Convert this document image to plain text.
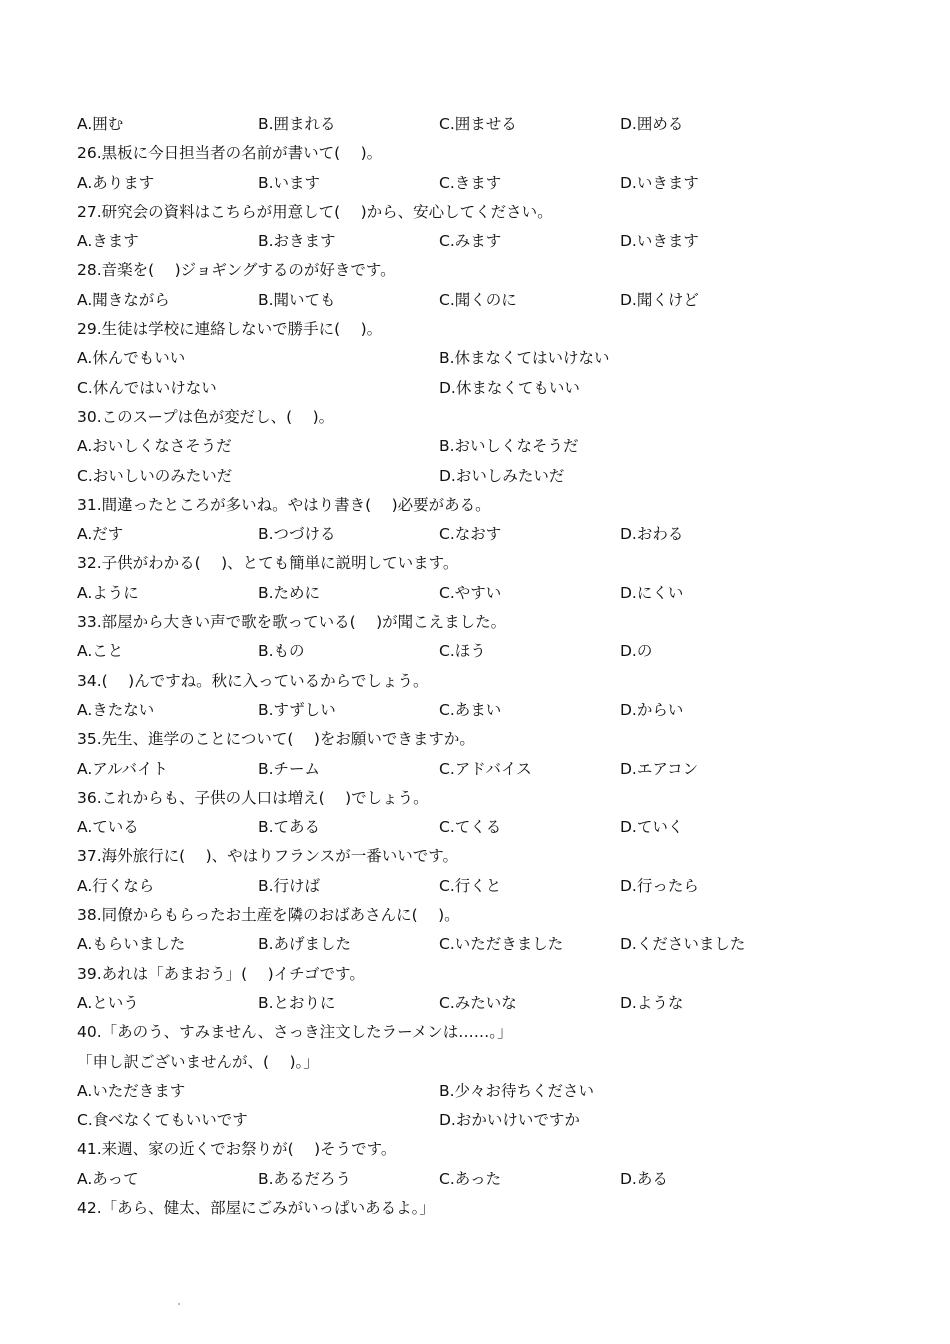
A.囲む	B.囲まれる	C.囲ませる	D.囲める
26.黒板に今日担当者の名前が書いて(　 )。
A.あります	B.います	C.きます	D.いきます
27.研究会の資料はこちらが用意して(　 )から、安心してください。
A.きます	B.おきます	C.みます	D.いきます
28.音楽を(　 )ジョギングするのが好きです。
A.聞きながら	B.聞いても	C.聞くのに	D.聞くけど
29.生徒は学校に連絡しないで勝手に(　 )。
A.休んでもいい	B.休まなくてはいけない
C.休んではいけない	D.休まなくてもいい
30.このスープは色が変だし、(　 )。
A.おいしくなさそうだ	B.おいしくなそうだ
C.おいしいのみたいだ	D.おいしみたいだ
31.間違ったところが多いね。やはり書き(　 )必要がある。
A.だす	B.つづける	C.なおす	D.おわる
32.子供がわかる(　 )、とても簡単に説明しています。
A.ように	B.ために	C.やすい	D.にくい
33.部屋から大きい声で歌を歌っている(　 )が聞こえました。
A.こと	B.もの	C.ほう	D.の
34.(　 )んですね。秋に入っているからでしょう。
A.きたない	B.すずしい	C.あまい	D.からい
35.先生、進学のことについて(　 )をお願いできますか。
A.アルバイト	B.チーム	C.アドバイス	D.エアコン
36.これからも、子供の人口は増え(　 )でしょう。
A.ている	B.てある	C.てくる	D.ていく
37.海外旅行に(　 )、やはりフランスが一番いいです。
A.行くなら	B.行けば	C.行くと	D.行ったら
38.同僚からもらったお土産を隣のおばあさんに(　 )。
A.もらいました	B.あげました	C.いただきました	D.くださいました
39.あれは「あまおう」(　 )イチゴです。
A.という	B.とおりに	C.みたいな	D.ような
40.「あのう、すみません、さっき注文したラーメンは……。」
「申し訳ございませんが、(　 )。」
A.いただきます	B.少々お待ちください
C.食べなくてもいいです	D.おかいけいですか
41.来週、家の近くでお祭りが(　 )そうです。
A.あって	B.あるだろう	C.あった	D.ある
42.「あら、健太、部屋にごみがいっぱいあるよ。」
